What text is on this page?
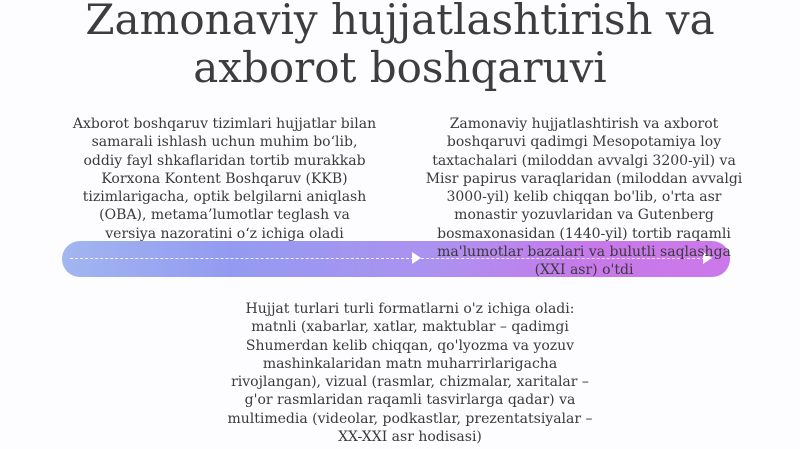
Zamonaviy hujjatlashtirish va
axborot boshqaruvi
Axborot boshqaruv tizimlari hujjatlar bilan samarali ishlash uchun muhim bo‘lib, oddiy fayl shkaflaridan tortib murakkab Korxona Kontent Boshqaruv (KKB) tizimlarigacha, optik belgilarni aniqlash (OBA), metama’lumotlar teglash va versiya nazoratini o‘z ichiga oladi
Zamonaviy hujjatlashtirish va axborot boshqaruvi qadimgi Mesopotamiya loy taxtachalari (miloddan avvalgi 3200-yil) va Misr papirus varaqlaridan (miloddan avvalgi 3000-yil) kelib chiqqan bo'lib, o'rta asr monastir yozuvlaridan va Gutenberg bosmaxonasidan (1440-yil) tortib raqamli ma'lumotlar bazalari va bulutli saqlashga (XXI asr) o'tdi
Hujjat turlari turli formatlarni o'z ichiga oladi: matnli (xabarlar, xatlar, maktublar – qadimgi Shumerdan kelib chiqqan, qo'lyozma va yozuv mashinkalaridan matn muharrirlarigacha rivojlangan), vizual (rasmlar, chizmalar, xaritalar – g'or rasmlaridan raqamli tasvirlarga qadar) va multimedia (videolar, podkastlar, prezentatsiyalar – XX-XXI asr hodisasi)
